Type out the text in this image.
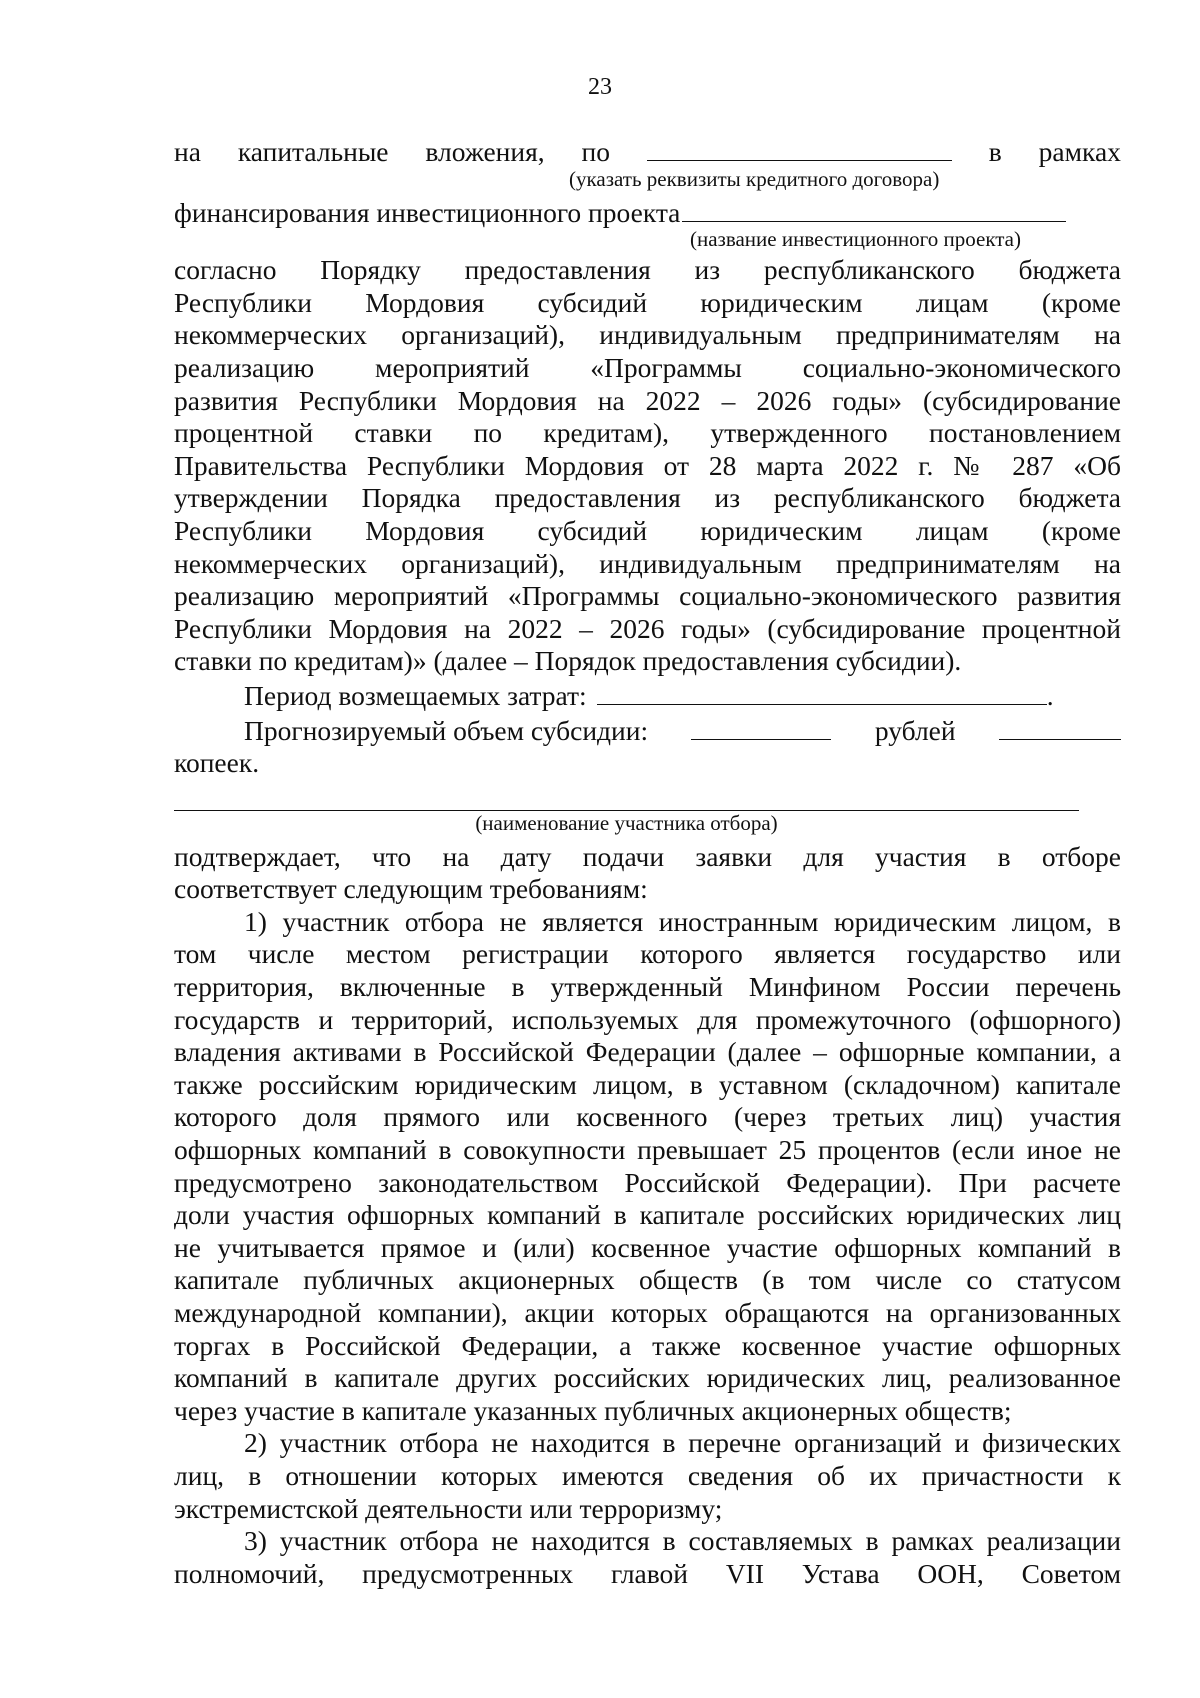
23
на капитальные вложения, по	в рамках
(указать реквизиты кредитного договора)
финансирования инвестиционного проекта
(название инвестиционного проекта)
согласно Порядку предоставления из республиканского бюджета
Республики Мордовия субсидий юридическим лицам (кроме
некоммерческих организаций), индивидуальным предпринимателям на
реализацию мероприятий «Программы социально-экономического
развития Республики Мордовия на 2022 – 2026 годы» (субсидирование
процентной ставки по кредитам), утвержденного постановлением
Правительства Республики Мордовия от 28 марта 2022 г. № 287 «Об
утверждении Порядка предоставления из республиканского бюджета
Республики Мордовия субсидий юридическим лицам (кроме
некоммерческих организаций), индивидуальным предпринимателям на
реализацию мероприятий «Программы социально-экономического развития
Республики Мордовия на 2022 – 2026 годы» (субсидирование процентной
ставки по кредитам)» (далее – Порядок предоставления субсидии).
Период возмещаемых затрат:	.
Прогнозируемый объем субсидии:	рублей
копеек.
(наименование участника отбора)
подтверждает, что на дату подачи заявки для участия в отборе
соответствует следующим требованиям:
1) участник отбора не является иностранным юридическим лицом, в
том числе местом регистрации которого является государство или
территория, включенные в утвержденный Минфином России перечень
государств и территорий, используемых для промежуточного (офшорного)
владения активами в Российской Федерации (далее – офшорные компании, а
также российским юридическим лицом, в уставном (складочном) капитале
которого доля прямого или косвенного (через третьих лиц) участия
офшорных компаний в совокупности превышает 25 процентов (если иное не
предусмотрено законодательством Российской Федерации). При расчете
доли участия офшорных компаний в капитале российских юридических лиц
не учитывается прямое и (или) косвенное участие офшорных компаний в
капитале публичных акционерных обществ (в том числе со статусом
международной компании), акции которых обращаются на организованных
торгах в Российской Федерации, а также косвенное участие офшорных
компаний в капитале других российских юридических лиц, реализованное
через участие в капитале указанных публичных акционерных обществ;
2) участник отбора не находится в перечне организаций и физических
лиц, в отношении которых имеются сведения об их причастности к
экстремистской деятельности или терроризму;
3) участник отбора не находится в составляемых в рамках реализации
полномочий, предусмотренных главой VII Устава ООН, Советом
